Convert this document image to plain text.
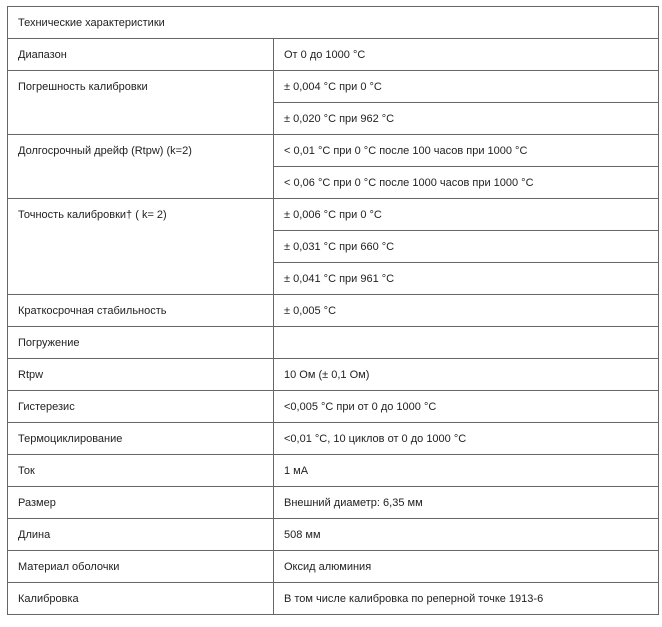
Технические характеристики	
Диапазон	От 0 до 1000 °C
Погрешность калибровки	± 0,004 °C при 0 °C
	± 0,020 °C при 962 °C
Долгосрочный дрейф (Rtpw) (k=2)	< 0,01 °C при 0 °C после 100 часов при 1000 °C
	< 0,06 °C при 0 °C после 1000 часов при 1000 °C
Точность калибровки† ( k= 2)	± 0,006 °C при 0 °C
	± 0,031 °C при 660 °C
	± 0,041 °C при 961 °C
Краткосрочная стабильность	± 0,005 °C
Погружение	
Rtpw	10 Ом (± 0,1 Ом)
Гистерезис	<0,005 °C при от 0 до 1000 °C
Термоциклирование	<0,01 °C, 10 циклов от 0 до 1000 °C
Ток	1 мА
Размер	Внешний диаметр: 6,35 мм
Длина	508 мм
Материал оболочки	Оксид алюминия
Калибровка	В том числе калибровка по реперной точке 1913-6
